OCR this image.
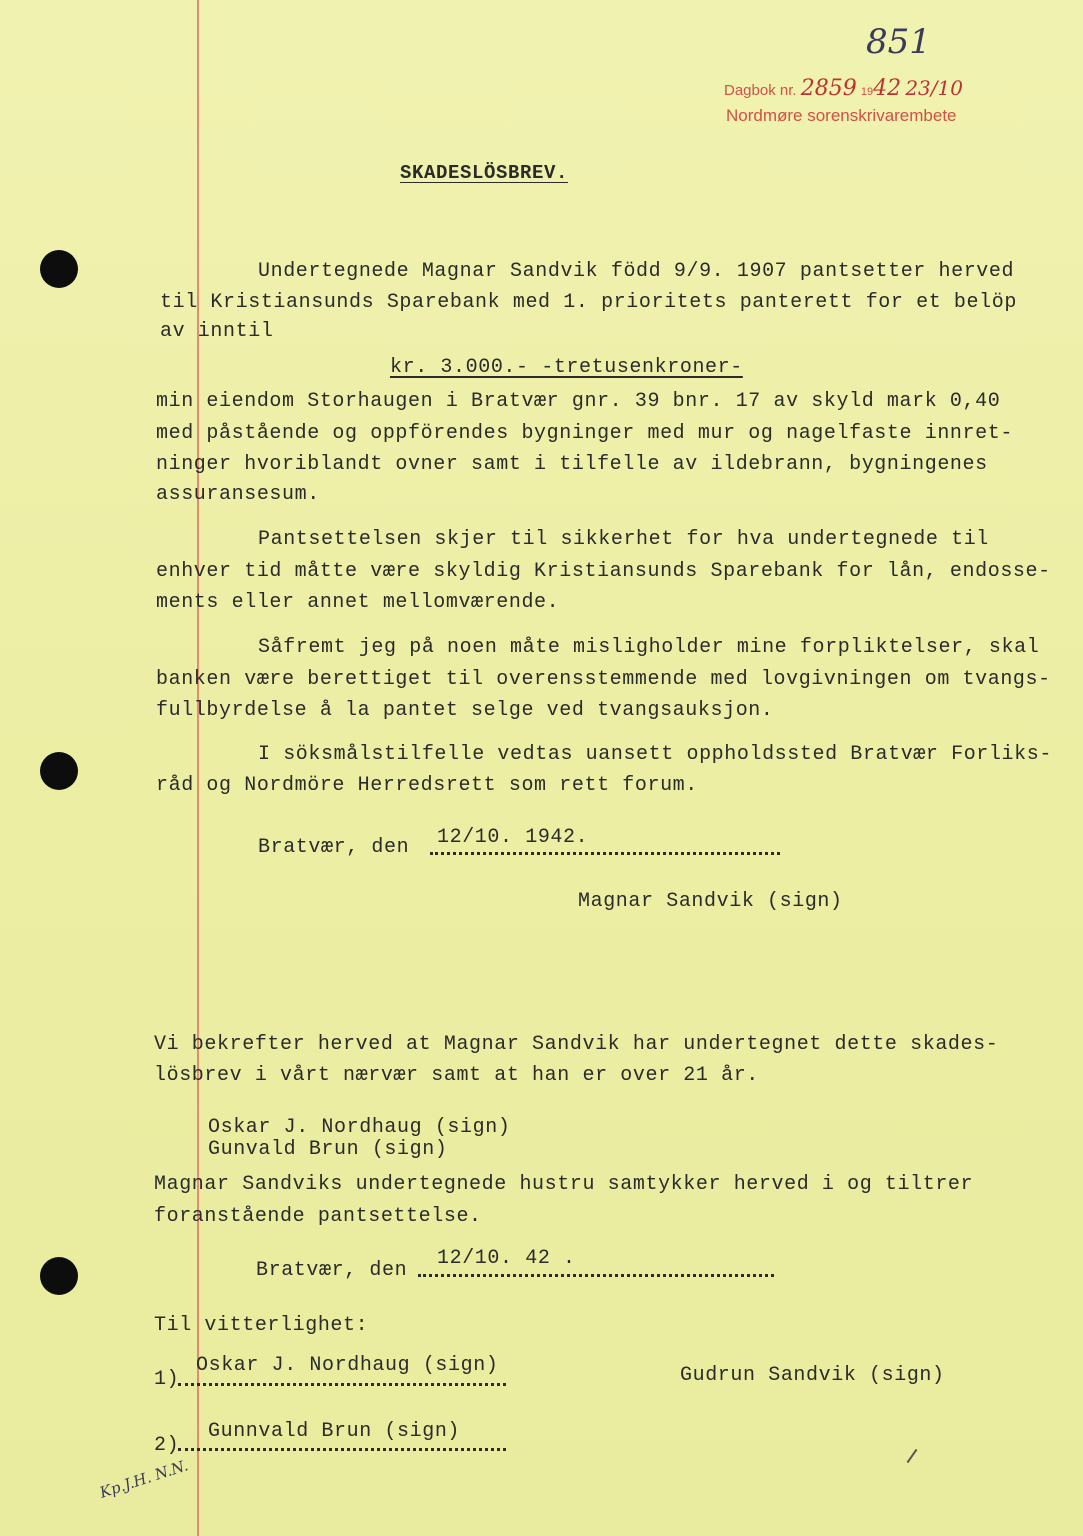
851
Dagbok nr. 2859 1942 23/10
Nordmøre sorenskrivarembete
SKADESLÖSBREV.
Undertegnede Magnar Sandvik född 9/9. 1907 pantsetter herved
til Kristiansunds Sparebank med 1. prioritets panterett for et belöp
av inntil
kr. 3.000.- -tretusenkroner-
min eiendom Storhaugen i Bratvær gnr. 39 bnr. 17 av skyld mark 0,40
med påstående og oppförendes bygninger med mur og nagelfaste innret-
ninger hvoriblandt ovner samt i tilfelle av ildebrann, bygningenes
assuransesum.
Pantsettelsen skjer til sikkerhet for hva undertegnede til
enhver tid måtte være skyldig Kristiansunds Sparebank for lån, endosse-
ments eller annet mellomværende.
Såfremt jeg på noen måte misligholder mine forpliktelser, skal
banken være berettiget til overensstemmende med lovgivningen om tvangs-
fullbyrdelse å la pantet selge ved tvangsauksjon.
I söksmålstilfelle vedtas uansett oppholdssted Bratvær Forliks-
råd og Nordmöre Herredsrett som rett forum.
Bratvær, den 12/10. 1942.
Magnar Sandvik (sign)
Vi bekrefter herved at Magnar Sandvik har undertegnet dette skades-
lösbrev i vårt nærvær samt at han er over 21 år.
Oskar J. Nordhaug (sign)
Gunvald Brun (sign)
Magnar Sandviks undertegnede hustru samtykker herved i og tiltrer
foranstående pantsettelse.
Bratvær, den
12/10. 42 .
Til vitterlighet:
1)
Oskar J. Nordhaug (sign)	Gudrun Sandvik (sign)
2)
Gunnvald Brun (sign)
Kp.J.H. N.N.
